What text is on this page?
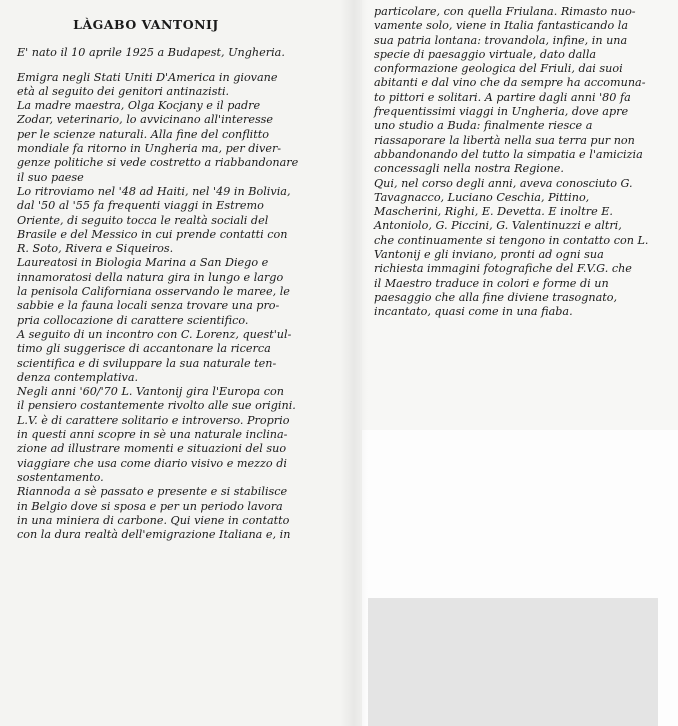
LÀGABO VANTONIJ
E' nato il 10 aprile 1925 a Budapest, Ungheria.
Emigra negli Stati Uniti D'America in giovane
età al seguito dei genitori antinazisti.
La madre maestra, Olga Kocjany e il padre
Zodar, veterinario, lo avvicinano all'interesse
per le scienze naturali. Alla fine del conflitto
mondiale fa ritorno in Ungheria ma, per diver-
genze politiche si vede costretto a riabbandonare
il suo paese
Lo ritroviamo nel '48 ad Haiti, nel '49 in Bolivia,
dal '50 al '55 fa frequenti viaggi in Estremo
Oriente, di seguito tocca le realtà sociali del
Brasile e del Messico in cui prende contatti con
R. Soto, Rivera e Siqueiros.
Laureatosi in Biologia Marina a San Diego e
innamoratosi della natura gira in lungo e largo
la penisola Californiana osservando le maree, le
sabbie e la fauna locali senza trovare una pro-
pria collocazione di carattere scientifico.
A seguito di un incontro con C. Lorenz, quest'ul-
timo gli suggerisce di accantonare la ricerca
scientifica e di sviluppare la sua naturale ten-
denza contemplativa.
Negli anni '60/'70 L. Vantonij gira l'Europa con
il pensiero costantemente rivolto alle sue origini.
L.V. è di carattere solitario e introverso. Proprio
in questi anni scopre in sè una naturale inclina-
zione ad illustrare momenti e situazioni del suo
viaggiare che usa come diario visivo e mezzo di
sostentamento.
Riannoda a sè passato e presente e si stabilisce
in Belgio dove si sposa e per un periodo lavora
in una miniera di carbone. Qui viene in contatto
con la dura realtà dell'emigrazione Italiana e, in
particolare, con quella Friulana. Rimasto nuo-
vamente solo, viene in Italia fantasticando la
sua patria lontana: trovandola, infine, in una
specie di paesaggio virtuale, dato dalla
conformazione geologica del Friuli, dai suoi
abitanti e dal vino che da sempre ha accomuna-
to pittori e solitari. A partire dagli anni '80 fa
frequentissimi viaggi in Ungheria, dove apre
uno studio a Buda: finalmente riesce a
riassaporare la libertà nella sua terra pur non
abbandonando del tutto la simpatia e l'amicizia
concessagli nella nostra Regione.
Qui, nel corso degli anni, aveva conosciuto G.
Tavagnacco, Luciano Ceschia, Pittino,
Mascherini, Righi, E. Devetta. E inoltre E.
Antoniolo, G. Piccini, G. Valentinuzzi e altri,
che continuamente si tengono in contatto con L.
Vantonij e gli inviano, pronti ad ogni sua
richiesta immagini fotografiche del F.V.G. che
il Maestro traduce in colori e forme di un
paesaggio che alla fine diviene trasognato,
incantato, quasi come in una fiaba.
